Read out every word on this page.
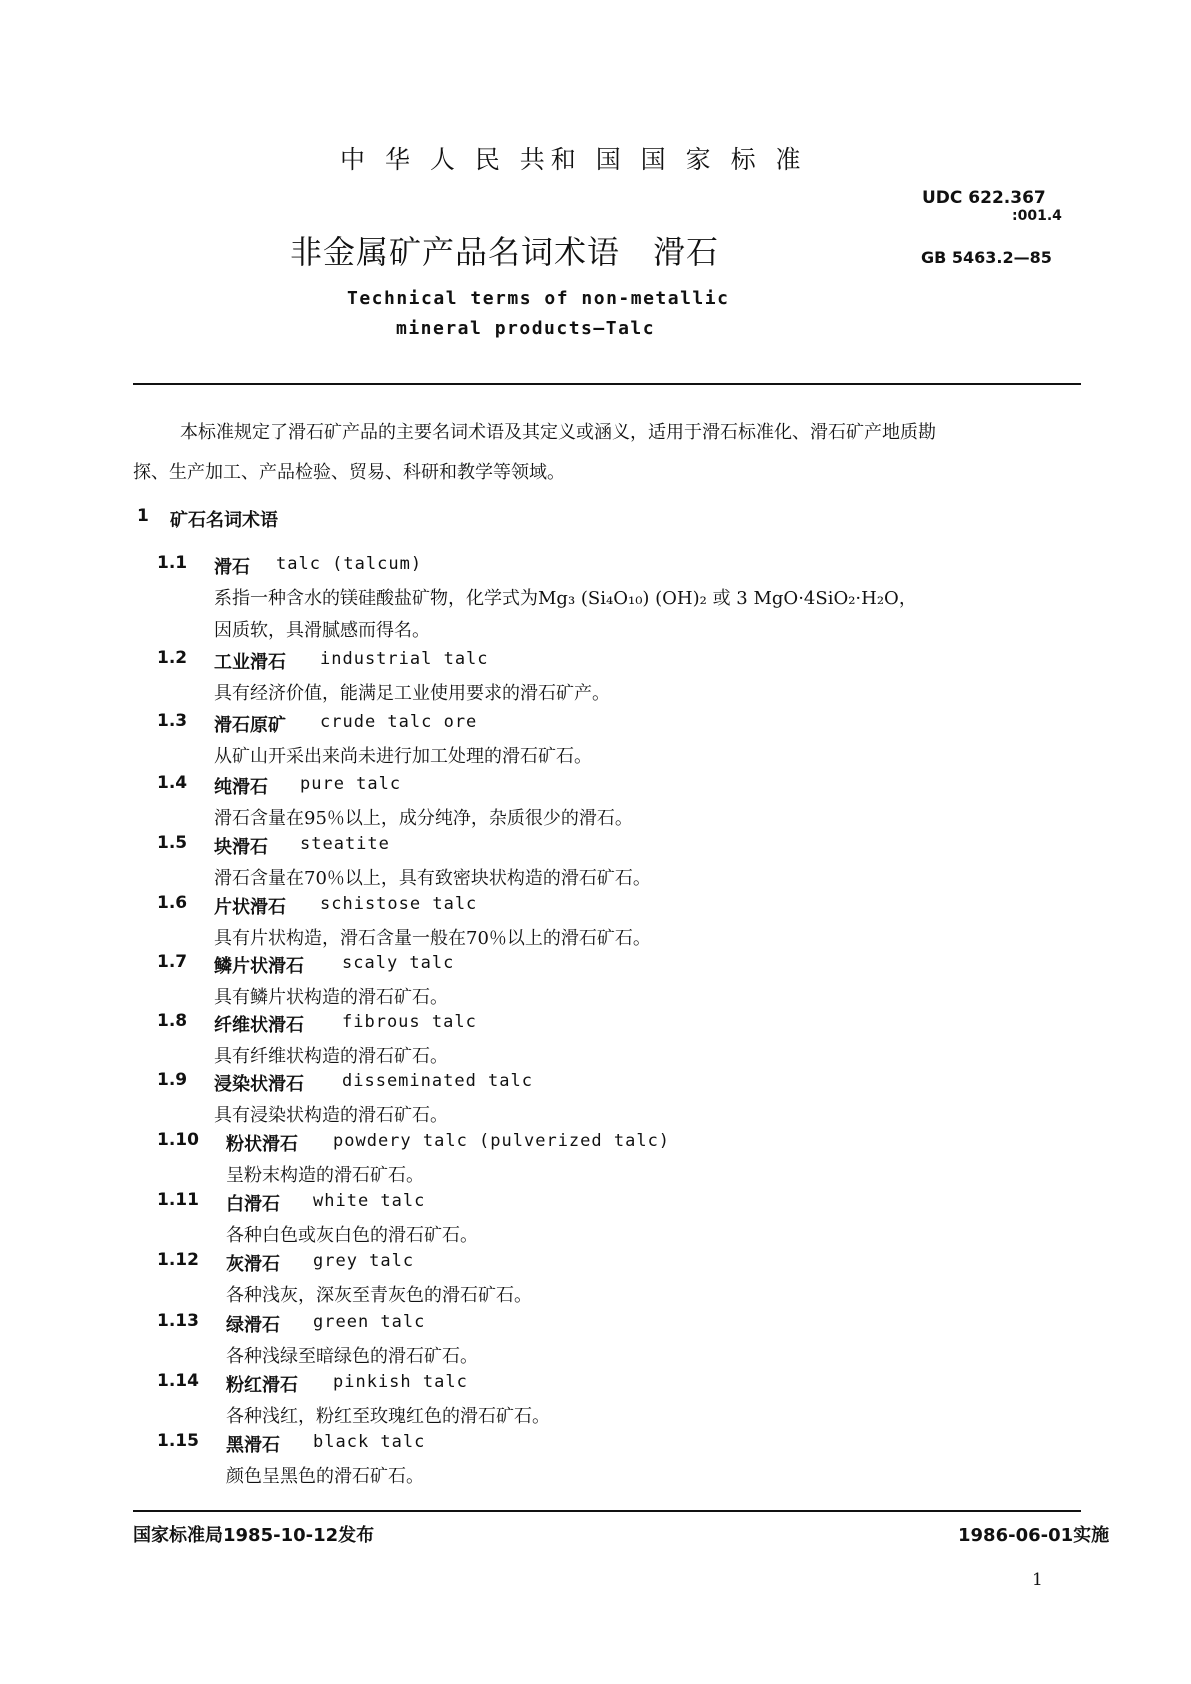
中 华 人 民 共和 国 国 家 标 准
非金属矿产品名词术语　滑石
Technical terms of non-metallic
mineral products—Talc
UDC 622.367
:001.4
GB 5463.2—85
本标准规定了滑石矿产品的主要名词术语及其定义或涵义，适用于滑石标准化、滑石矿产地质勘
探、生产加工、产品检验、贸易、科研和教学等领域。
1 矿石名词术语
1.1 滑石 talc (talcum)
系指一种含水的镁硅酸盐矿物，化学式为Mg₃ (Si₄O₁₀) (OH)₂ 或 3 MgO·4SiO₂·H₂O，
因质软，具滑腻感而得名。
1.2 工业滑石 industrial talc
具有经济价值，能满足工业使用要求的滑石矿产。
1.3 滑石原矿 crude talc ore
从矿山开采出来尚未进行加工处理的滑石矿石。
1.4 纯滑石 pure talc
滑石含量在95％以上，成分纯净，杂质很少的滑石。
1.5 块滑石 steatite
滑石含量在70％以上，具有致密块状构造的滑石矿石。
1.6 片状滑石 schistose talc
具有片状构造，滑石含量一般在70％以上的滑石矿石。
1.7 鳞片状滑石 scaly talc
具有鳞片状构造的滑石矿石。
1.8 纤维状滑石 fibrous talc
具有纤维状构造的滑石矿石。
1.9 浸染状滑石 disseminated talc
具有浸染状构造的滑石矿石。
1.10 粉状滑石 powdery talc (pulverized talc)
呈粉末构造的滑石矿石。
1.11 白滑石 white talc
各种白色或灰白色的滑石矿石。
1.12 灰滑石 grey talc
各种浅灰，深灰至青灰色的滑石矿石。
1.13 绿滑石 green talc
各种浅绿至暗绿色的滑石矿石。
1.14 粉红滑石 pinkish talc
各种浅红，粉红至玫瑰红色的滑石矿石。
1.15 黑滑石 black talc
颜色呈黑色的滑石矿石。
国家标准局1985-10-12发布	1986-06-01实施
1
